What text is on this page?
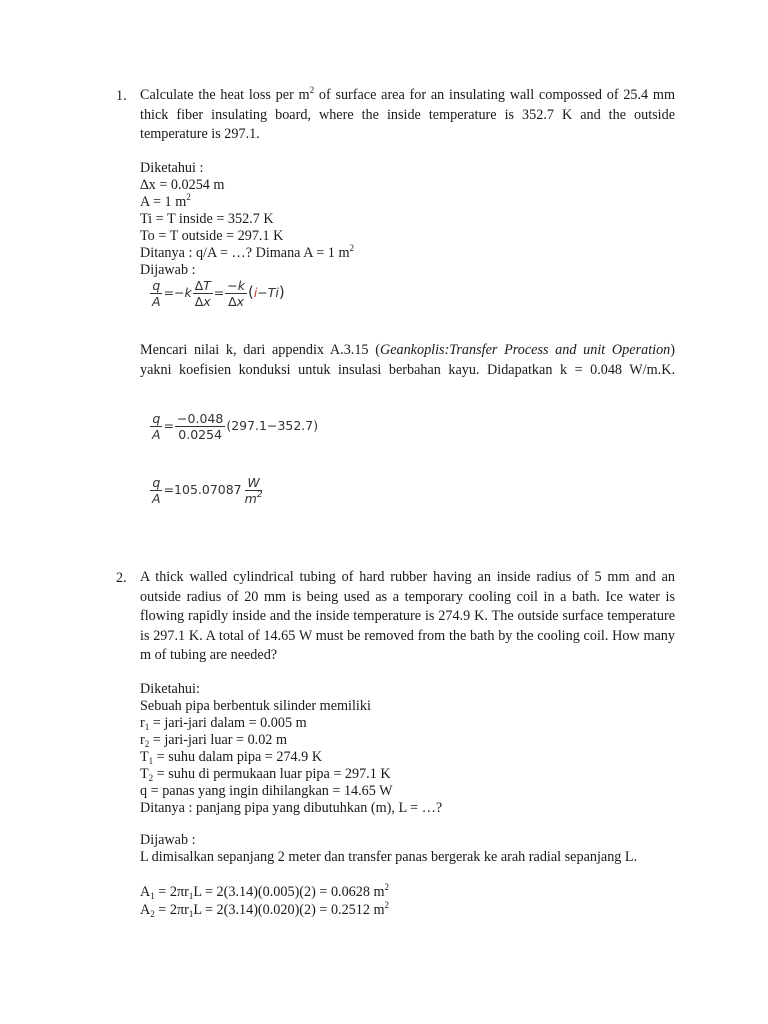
1. Calculate the heat loss per $m^2$ of surface area for an insulating wall compossed of 25.4 mm thick fiber insulating board, where the inside temperature is 352.7 K and the outside temperature is 297.1.
Diketahui :
∆x = 0.0254 m
A = 1 $m^2$
Ti = T inside = 352.7 K
To = T outside = 297.1 K
Ditanya : q/A = …? Dimana A = 1 $m^2$
Dijawab :
$\frac{q}{A} =-k \frac{\Delta T}{\Delta x} = \frac{-k}{\Delta x} (i-Ti)$
Mencari nilai k, dari appendix A.3.15 (Geankoplis:Transfer Process and unit Operation) yakni koefisien konduksi untuk insulasi berbahan kayu. Didapatkan k = 0.048 W/m.K.
$\frac{q}{A} = \frac{-0.048}{0.0254} (297.1-352.7)$
$\frac{q}{A} =105.07087 \frac{W}{m^2}$
2. A thick walled cylindrical tubing of hard rubber having an inside radius of 5 mm and an outside radius of 20 mm is being used as a temporary cooling coil in a bath. Ice water is flowing rapidly inside and the inside temperature is 274.9 K. The outside surface temperature is 297.1 K. A total of 14.65 W must be removed from the bath by the cooling coil. How many m of tubing are needed?
Diketahui:
Sebuah pipa berbentuk silinder memiliki
$r_1$ = jari-jari dalam = 0.005 m
$r_2$ = jari-jari luar = 0.02 m
$T_1$ = suhu dalam pipa = 274.9 K
$T_2$ = suhu di permukaan luar pipa = 297.1 K
q = panas yang ingin dihilangkan = 14.65 W
Ditanya : panjang pipa yang dibutuhkan (m), L = …?
Dijawab :
L dimisalkan sepanjang 2 meter dan transfer panas bergerak ke arah radial sepanjang L.
$A_1 = 2\pi r_1L = 2(3.14)(0.005)(2) = 0.0628$ $m^2$
$A_2 = 2\pi r_1L = 2(3.14)(0.020)(2) = 0.2512$ $m^2$
